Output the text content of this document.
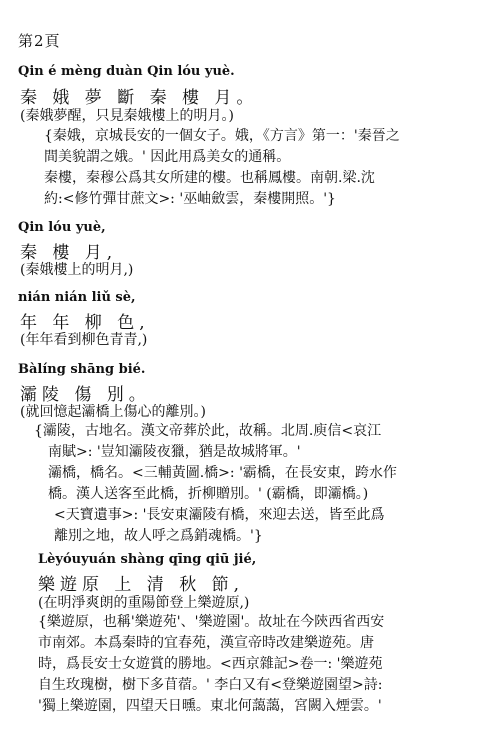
第2頁
Qin é mèng duàn Qin lóu yuè.
秦 娥 夢 斷 秦 樓 月。
(秦娥夢醒，只見秦娥樓上的明月。)
{秦娥，京城長安的一個女子。娥，《方言》第一：'秦晉之
間美貌謂之娥。' 因此用爲美女的通稱。
秦樓，秦穆公爲其女所建的樓。也稱鳳樓。南朝.梁.沈
約:<修竹彈甘蔗文>: '巫岫斂雲，秦樓開照。'}
Qin lóu yuè,
秦 樓 月,
(秦娥樓上的明月,)
nián nián liǔ sè,
年 年 柳 色,
(年年看到柳色青青,)
Bàlíng shāng bié.
灞陵 傷 別。
(就回憶起灞橋上傷心的離別。)
{灞陵，古地名。漢文帝葬於此，故稱。北周.庾信<哀江
南賦>: '豈知灞陵夜獵，猶是故城將軍。'
灞橋，橋名。<三輔黃圖.橋>: '霸橋，在長安東，跨水作
橋。漢人送客至此橋，折柳贈別。' (霸橋，即灞橋。)
<天寶遺事>: '長安東灞陵有橋，來迎去送，皆至此爲
離別之地，故人呼之爲銷魂橋。'}
Lèyóuyuán shàng qīng qiū jié,
樂遊原 上 清 秋 節,
(在明淨爽朗的重陽節登上樂遊原,)
{樂遊原，也稱'樂遊苑'、'樂遊園'。故址在今陝西省西安
市南郊。本爲秦時的宜春苑，漢宣帝時改建樂遊苑。唐
時，爲長安士女遊賞的勝地。<西京雜記>卷一: '樂遊苑
自生玫瑰樹，樹下多苜蓿。' 李白又有<登樂遊園望>詩:
'獨上樂遊園，四望天日曛。東北何藹藹，宮闕入煙雲。'
